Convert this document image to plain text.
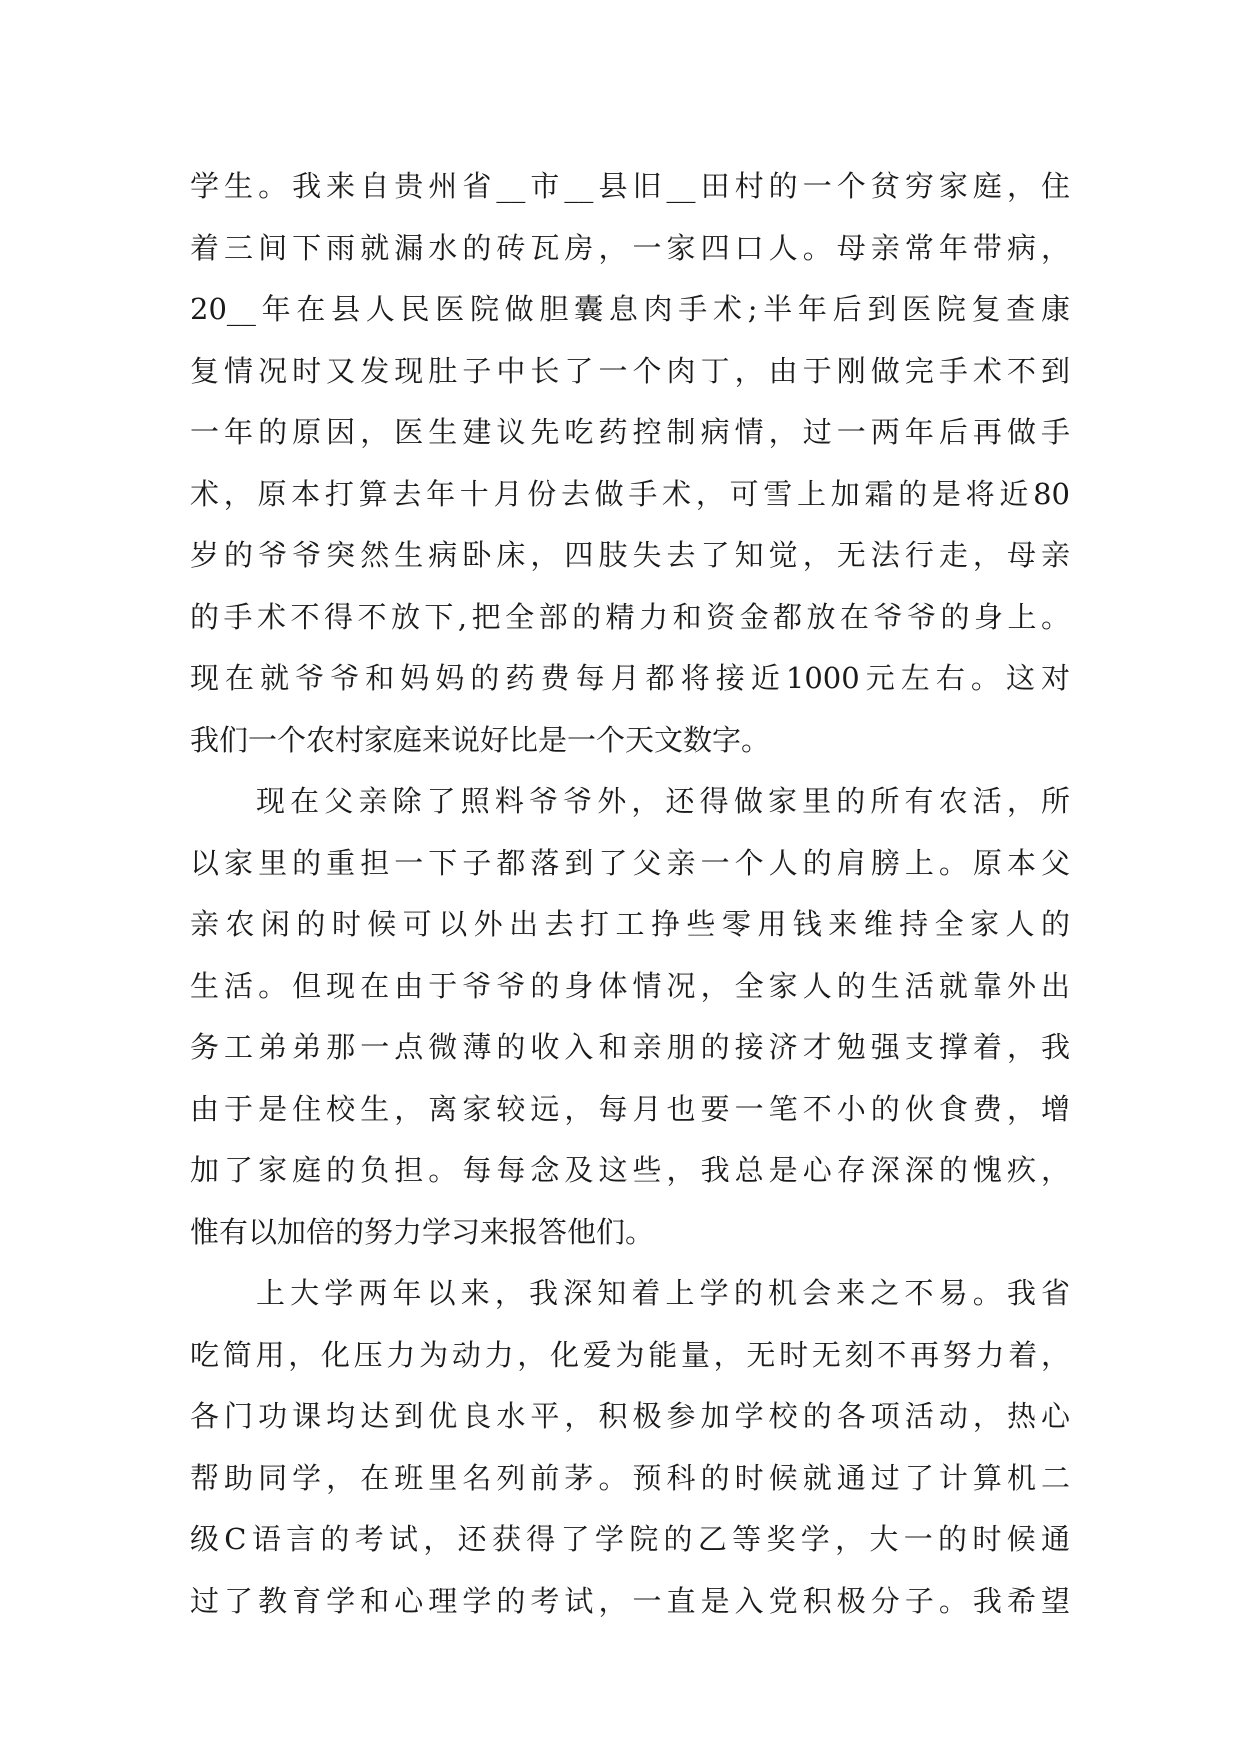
学生。我来自贵州省__市__县旧__田村的一个贫穷家庭，住
着三间下雨就漏水的砖瓦房，一家四口人。母亲常年带病，
20__年在县人民医院做胆囊息肉手术;半年后到医院复查康
复情况时又发现肚子中长了一个肉丁，由于刚做完手术不到
一年的原因，医生建议先吃药控制病情，过一两年后再做手
术，原本打算去年十月份去做手术，可雪上加霜的是将近80
岁的爷爷突然生病卧床，四肢失去了知觉，无法行走，母亲
的手术不得不放下,把全部的精力和资金都放在爷爷的身上。
现在就爷爷和妈妈的药费每月都将接近1000元左右。这对
我们一个农村家庭来说好比是一个天文数字。
现在父亲除了照料爷爷外，还得做家里的所有农活，所
以家里的重担一下子都落到了父亲一个人的肩膀上。原本父
亲农闲的时候可以外出去打工挣些零用钱来维持全家人的
生活。但现在由于爷爷的身体情况，全家人的生活就靠外出
务工弟弟那一点微薄的收入和亲朋的接济才勉强支撑着，我
由于是住校生，离家较远，每月也要一笔不小的伙食费，增
加了家庭的负担。每每念及这些，我总是心存深深的愧疚，
惟有以加倍的努力学习来报答他们。
上大学两年以来，我深知着上学的机会来之不易。我省
吃简用，化压力为动力，化爱为能量，无时无刻不再努力着，
各门功课均达到优良水平，积极参加学校的各项活动，热心
帮助同学，在班里名列前茅。预科的时候就通过了计算机二
级C语言的考试，还获得了学院的乙等奖学，大一的时候通
过了教育学和心理学的考试，一直是入党积极分子。我希望
